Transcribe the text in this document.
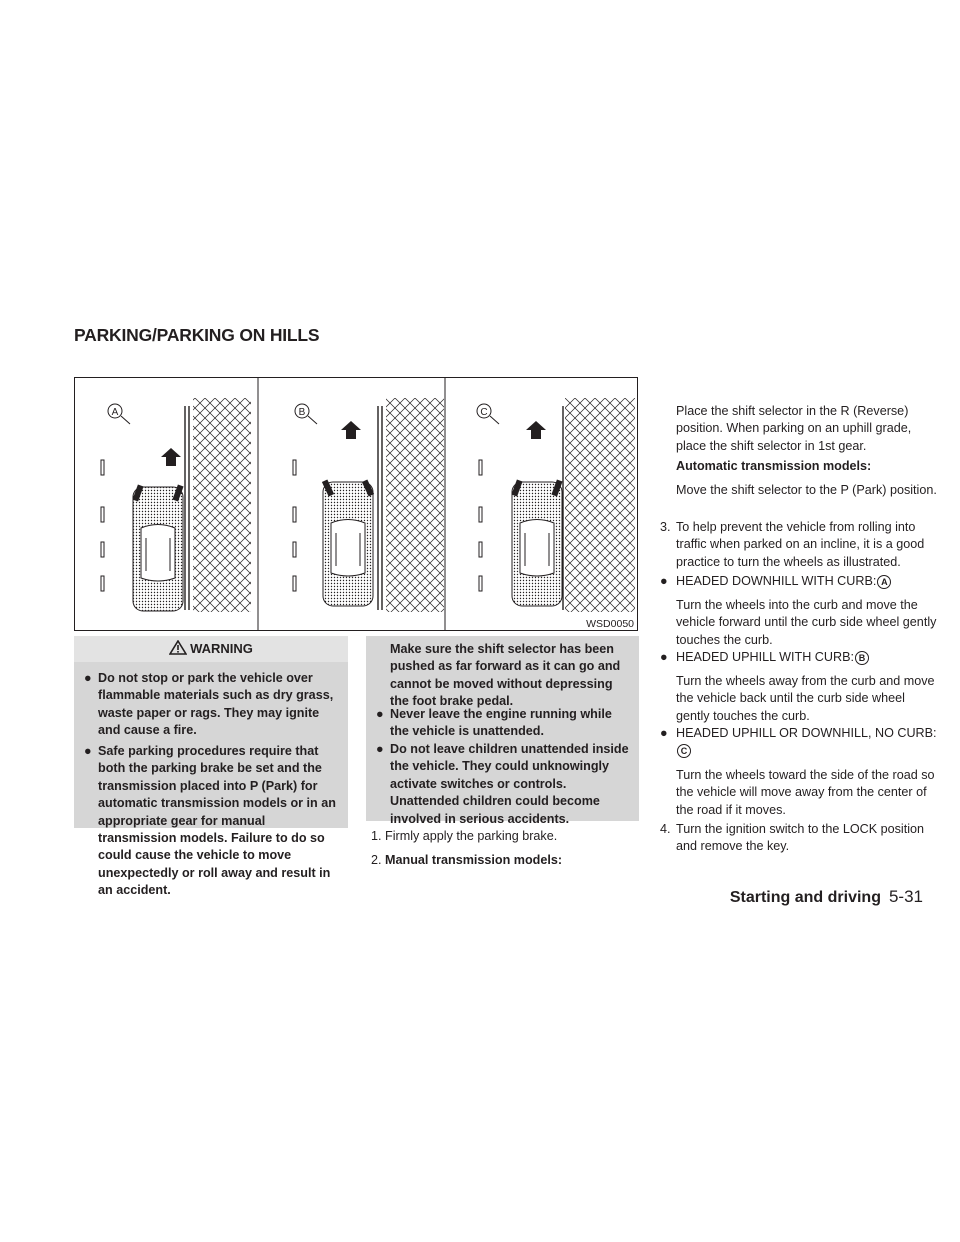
PARKING/PARKING ON HILLS
A	B	C
WSD0050
WARNING
● Do not stop or park the vehicle over flammable materials such as dry grass, waste paper or rags. They may ignite and cause a fire.
● Safe parking procedures require that both the parking brake be set and the transmission placed into P (Park) for automatic transmission models or in an appropriate gear for manual transmission models. Failure to do so could cause the vehicle to move unexpectedly or roll away and result in an accident.
Make sure the shift selector has been pushed as far forward as it can go and cannot be moved without depressing the foot brake pedal.
● Never leave the engine running while the vehicle is unattended.
● Do not leave children unattended inside the vehicle. They could unknowingly activate switches or controls. Unattended children could become involved in serious accidents.
1. Firmly apply the parking brake.
2. Manual transmission models:
Place the shift selector in the R (Reverse) position. When parking on an uphill grade, place the shift selector in 1st gear.
Automatic transmission models:
Move the shift selector to the P (Park) position.
3. To help prevent the vehicle from rolling into traffic when parked on an incline, it is a good practice to turn the wheels as illustrated.
● HEADED DOWNHILL WITH CURB: A
Turn the wheels into the curb and move the vehicle forward until the curb side wheel gently touches the curb.
● HEADED UPHILL WITH CURB: B
Turn the wheels away from the curb and move the vehicle back until the curb side wheel gently touches the curb.
● HEADED UPHILL OR DOWNHILL, NO CURB:C
Turn the wheels toward the side of the road so the vehicle will move away from the center of the road if it moves.
4. Turn the ignition switch to the LOCK position and remove the key.
Starting and driving 5-31
